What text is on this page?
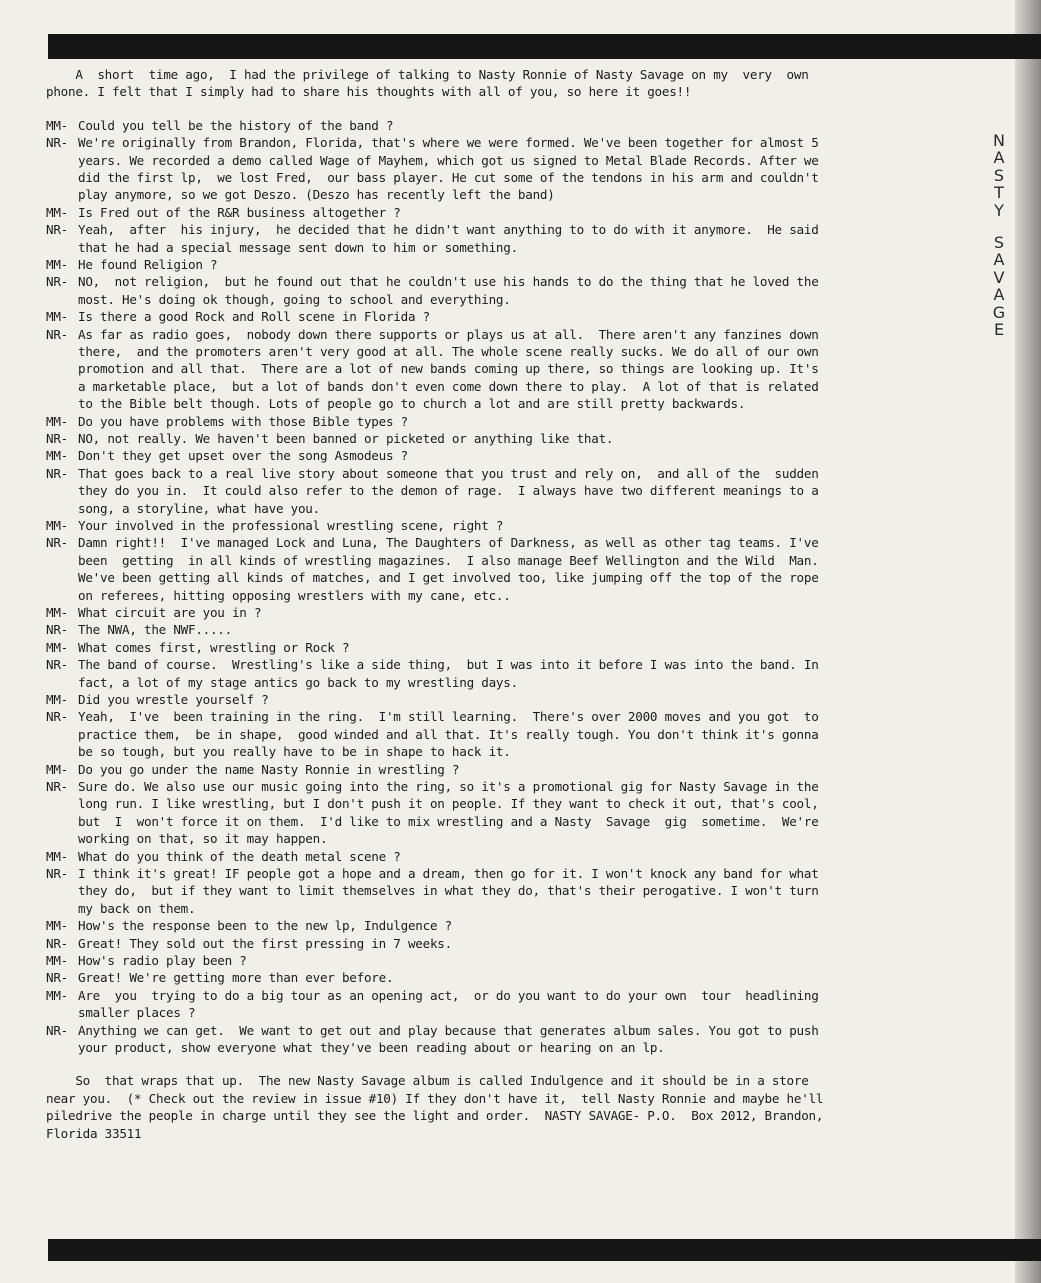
N
A
S
T
Y
S
A
V
A
G
E
A  short  time ago,  I had the privilege of talking to Nasty Ronnie of Nasty Savage on my  very  own
phone. I felt that I simply had to share his thoughts with all of you, so here it goes!!
MM- Could you tell be the history of the band ?
NR- We're originally from Brandon, Florida, that's where we were formed. We've been together for almost 5
years. We recorded a demo called Wage of Mayhem, which got us signed to Metal Blade Records. After we
did the first lp,  we lost Fred,  our bass player. He cut some of the tendons in his arm and couldn't
play anymore, so we got Deszo. (Deszo has recently left the band)
MM- Is Fred out of the R&R business altogether ?
NR- Yeah,  after  his injury,  he decided that he didn't want anything to to do with it anymore.  He said
that he had a special message sent down to him or something.
MM- He found Religion ?
NR- NO,  not religion,  but he found out that he couldn't use his hands to do the thing that he loved the
most. He's doing ok though, going to school and everything.
MM- Is there a good Rock and Roll scene in Florida ?
NR- As far as radio goes,  nobody down there supports or plays us at all.  There aren't any fanzines down
there,  and the promoters aren't very good at all. The whole scene really sucks. We do all of our own
promotion and all that.  There are a lot of new bands coming up there, so things are looking up. It's
a marketable place,  but a lot of bands don't even come down there to play.  A lot of that is related
to the Bible belt though. Lots of people go to church a lot and are still pretty backwards.
MM- Do you have problems with those Bible types ?
NR- NO, not really. We haven't been banned or picketed or anything like that.
MM- Don't they get upset over the song Asmodeus ?
NR- That goes back to a real live story about someone that you trust and rely on,  and all of the  sudden
they do you in.  It could also refer to the demon of rage.  I always have two different meanings to a
song, a storyline, what have you.
MM- Your involved in the professional wrestling scene, right ?
NR- Damn right!!  I've managed Lock and Luna, The Daughters of Darkness, as well as other tag teams. I've
been  getting  in all kinds of wrestling magazines.  I also manage Beef Wellington and the Wild  Man.
We've been getting all kinds of matches, and I get involved too, like jumping off the top of the rope
on referees, hitting opposing wrestlers with my cane, etc..
MM- What circuit are you in ?
NR- The NWA, the NWF.....
MM- What comes first, wrestling or Rock ?
NR- The band of course.  Wrestling's like a side thing,  but I was into it before I was into the band. In
fact, a lot of my stage antics go back to my wrestling days.
MM- Did you wrestle yourself ?
NR- Yeah,  I've  been training in the ring.  I'm still learning.  There's over 2000 moves and you got  to
practice them,  be in shape,  good winded and all that. It's really tough. You don't think it's gonna
be so tough, but you really have to be in shape to hack it.
MM- Do you go under the name Nasty Ronnie in wrestling ?
NR- Sure do. We also use our music going into the ring, so it's a promotional gig for Nasty Savage in the
long run. I like wrestling, but I don't push it on people. If they want to check it out, that's cool,
but  I  won't force it on them.  I'd like to mix wrestling and a Nasty  Savage  gig  sometime.  We're
working on that, so it may happen.
MM- What do you think of the death metal scene ?
NR- I think it's great! IF people got a hope and a dream, then go for it. I won't knock any band for what
they do,  but if they want to limit themselves in what they do, that's their perogative. I won't turn
my back on them.
MM- How's the response been to the new lp, Indulgence ?
NR- Great! They sold out the first pressing in 7 weeks.
MM- How's radio play been ?
NR- Great! We're getting more than ever before.
MM- Are  you  trying to do a big tour as an opening act,  or do you want to do your own  tour  headlining
smaller places ?
NR- Anything we can get.  We want to get out and play because that generates album sales. You got to push
your product, show everyone what they've been reading about or hearing on an lp.
So  that wraps that up.  The new Nasty Savage album is called Indulgence and it should be in a store
near you.  (* Check out the review in issue #10) If they don't have it,  tell Nasty Ronnie and maybe he'll
piledrive the people in charge until they see the light and order.  NASTY SAVAGE- P.O.  Box 2012, Brandon,
Florida 33511
